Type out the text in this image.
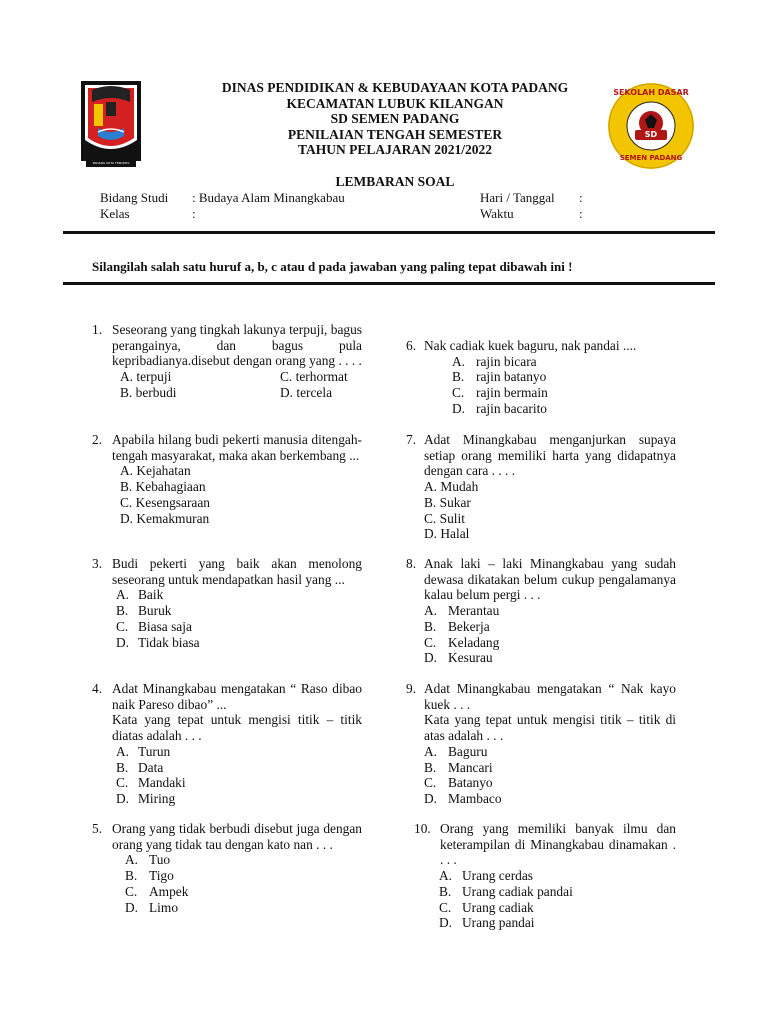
PADANG KOTA TERCINTA
DINAS PENDIDIKAN & KEBUDAYAAN KOTA PADANG
KECAMATAN LUBUK KILANGAN
SD SEMEN PADANG
PENILAIAN TENGAH SEMESTER
TAHUN PELAJARAN 2021/2022
SEKOLAH DASAR
SD
SEMEN PADANG
LEMBARAN SOAL
Bidang Studi : Budaya Alam Minangkabau
Kelas	:
Hari / Tanggal :
Waktu	:
Silangilah salah satu huruf a, b, c atau d pada jawaban yang paling tepat dibawah ini !
1. Seseorang yang tingkah lakunya terpuji, bagus perangainya, dan bagus pula kepribadianya.disebut dengan orang yang . . . .
A. terpuji	C. terhormat
B. berbudi	D. tercela
2. Apabila hilang budi pekerti manusia ditengah-tengah masyarakat, maka akan berkembang ...
A. Kejahatan
B. Kebahagiaan
C. Kesengsaraan
D. Kemakmuran
3. Budi pekerti yang baik akan menolong seseorang untuk mendapatkan hasil yang ...
A. Baik
B. Buruk
C. Biasa saja
D. Tidak biasa
4. Adat Minangkabau mengatakan “ Raso dibao naik Pareso dibao” ...
Kata yang tepat untuk mengisi titik – titik diatas adalah . . .
A. Turun
B. Data
C. Mandaki
D. Miring
5. Orang yang tidak berbudi disebut juga dengan orang yang tidak tau dengan kato nan . . .
A. Tuo
B. Tigo
C. Ampek
D. Limo
6. Nak cadiak kuek baguru, nak pandai ....
A. rajin bicara
B. rajin batanyo
C. rajin bermain
D. rajin bacarito
7. Adat Minangkabau menganjurkan supaya setiap orang memiliki harta yang didapatnya dengan cara . . . .
A. Mudah
B. Sukar
C. Sulit
D. Halal
8. Anak laki – laki Minangkabau yang sudah dewasa dikatakan belum cukup pengalamanya kalau belum pergi . . .
A. Merantau
B. Bekerja
C. Keladang
D. Kesurau
9. Adat Minangkabau mengatakan “ Nak kayo kuek . . .
Kata yang tepat untuk mengisi titik – titik di atas adalah . . .
A. Baguru
B. Mancari
C. Batanyo
D. Mambaco
10. Orang yang memiliki banyak ilmu dan keterampilan di Minangkabau dinamakan . . . .
A. Urang cerdas
B. Urang cadiak pandai
C. Urang cadiak
D. Urang pandai
